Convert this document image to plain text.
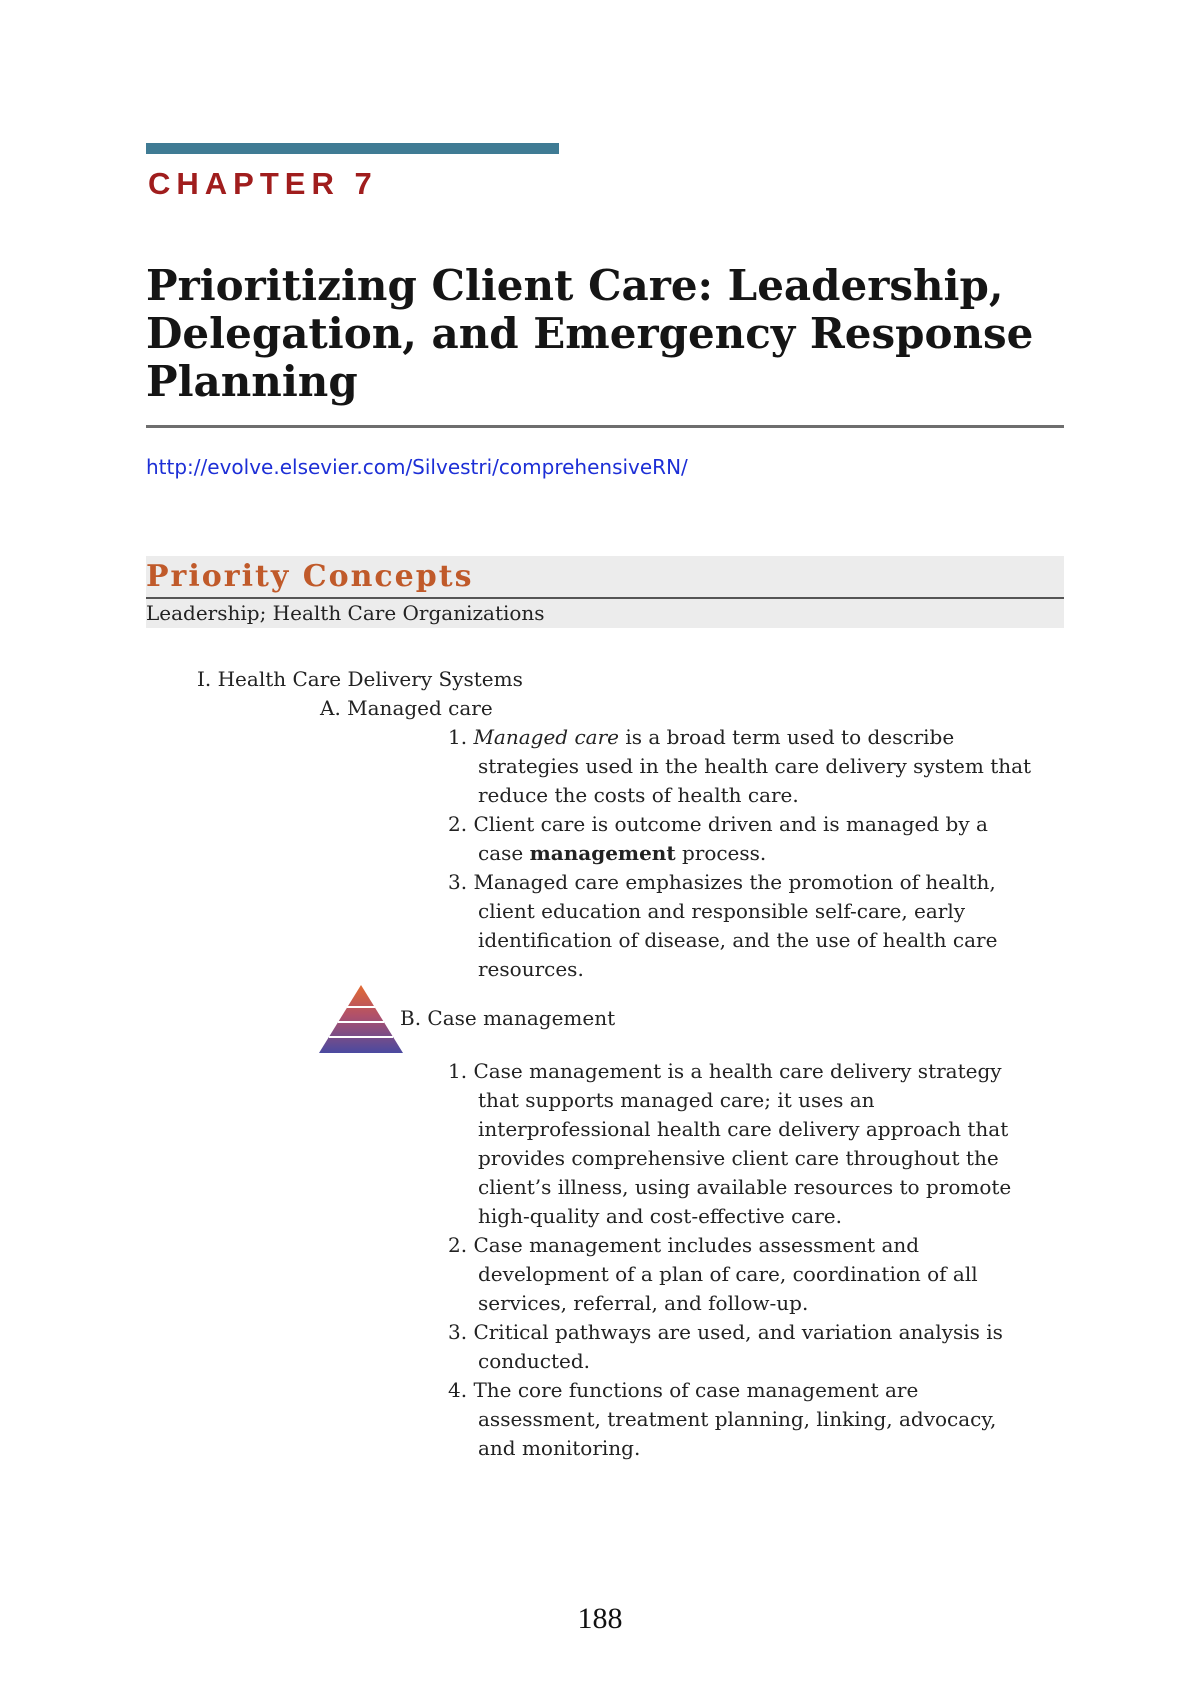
CHAPTER 7
Prioritizing Client Care: Leadership,
Delegation, and Emergency Response
Planning
http://evolve.elsevier.com/Silvestri/comprehensiveRN/
Priority Concepts
Leadership; Health Care Organizations
I. Health Care Delivery Systems
A. Managed care
1. Managed care is a broad term used to describe
strategies used in the health care delivery system that
reduce the costs of health care.
2. Client care is outcome driven and is managed by a
case management process.
3. Managed care emphasizes the promotion of health,
client education and responsible self-care, early
identification of disease, and the use of health care
resources.
B. Case management
1. Case management is a health care delivery strategy
that supports managed care; it uses an
interprofessional health care delivery approach that
provides comprehensive client care throughout the
client’s illness, using available resources to promote
high-quality and cost-effective care.
2. Case management includes assessment and
development of a plan of care, coordination of all
services, referral, and follow-up.
3. Critical pathways are used, and variation analysis is
conducted.
4. The core functions of case management are
assessment, treatment planning, linking, advocacy,
and monitoring.
188
